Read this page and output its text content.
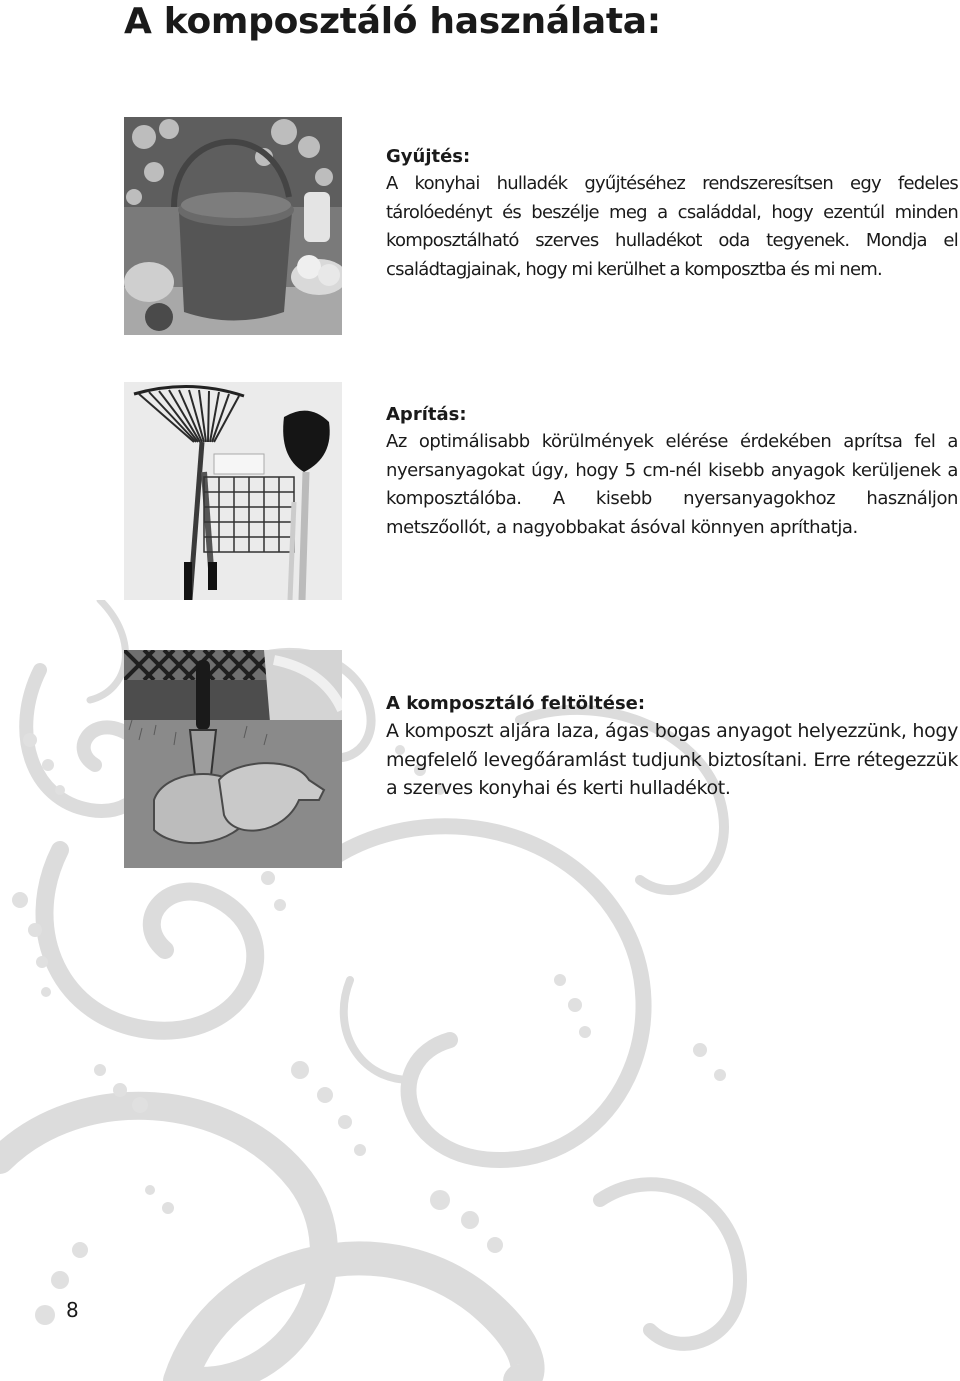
A komposztáló használata:
Gyűjtés:

A konyhai hulladék gyűjtéséhez rendszeresítsen egy fedeles tárolóedényt és beszélje meg a családdal, hogy ezentúl minden komposztálható szerves hulladékot oda tegyenek. Mondja el családtagjainak, hogy mi kerülhet a komposztba és mi nem.

Aprítás:

Az optimálisabb körülmények elérése érdekében aprítsa fel a nyersanyagokat úgy, hogy 5 cm-nél kisebb anyagok kerüljenek a komposztálóba. A kisebb nyersanyagokhoz használjon metszőollót, a nagyobbakat ásóval könnyen apríthatja.

A komposztáló feltöltése:

A komposzt aljára laza, ágas bogas anyagot helyezzünk, hogy megfelelő levegőáramlást tudjunk biztosítani. Erre rétegezzük a szerves konyhai és kerti hulladékot.

8
